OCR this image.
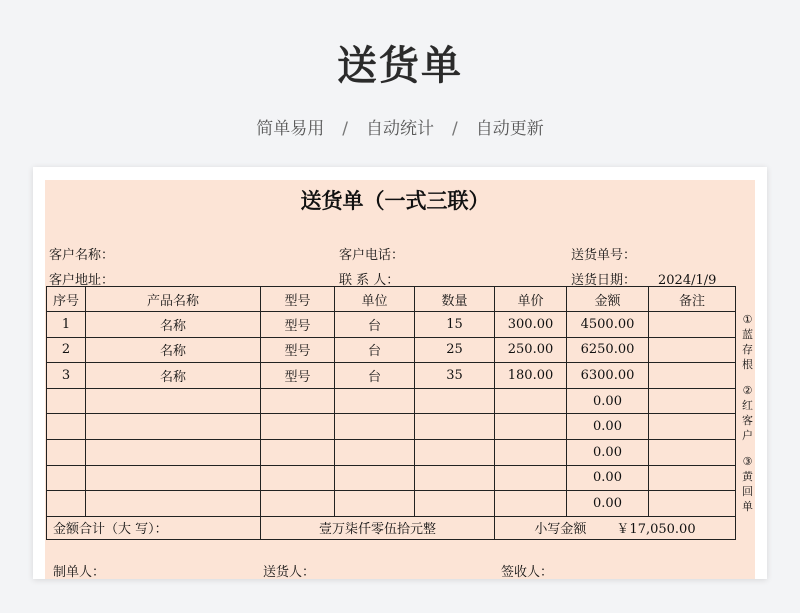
送货单
简单易用 / 自动统计 / 自动更新
送货单（一式三联）
客户名称：	客户电话：	送货单号：
客户地址：	联 系 人：	送货日期： 2024/1/9
序号	产品名称	型号	单位	数量	单价	金额	备注
1	名称	型号	台	15	300.00	4500.00	
2	名称	型号	台	25	250.00	6250.00	
3	名称	型号	台	35	180.00	6300.00	
						0.00	
						0.00	
						0.00	
						0.00	
						0.00	
金额合计（大 写）：		壹万柒仟零伍拾元整			小写金额 ￥17,050.00		
①
蓝
存
根
②
红
客
户
③
黄
回
单
制单人：	送货人：	签收人：
